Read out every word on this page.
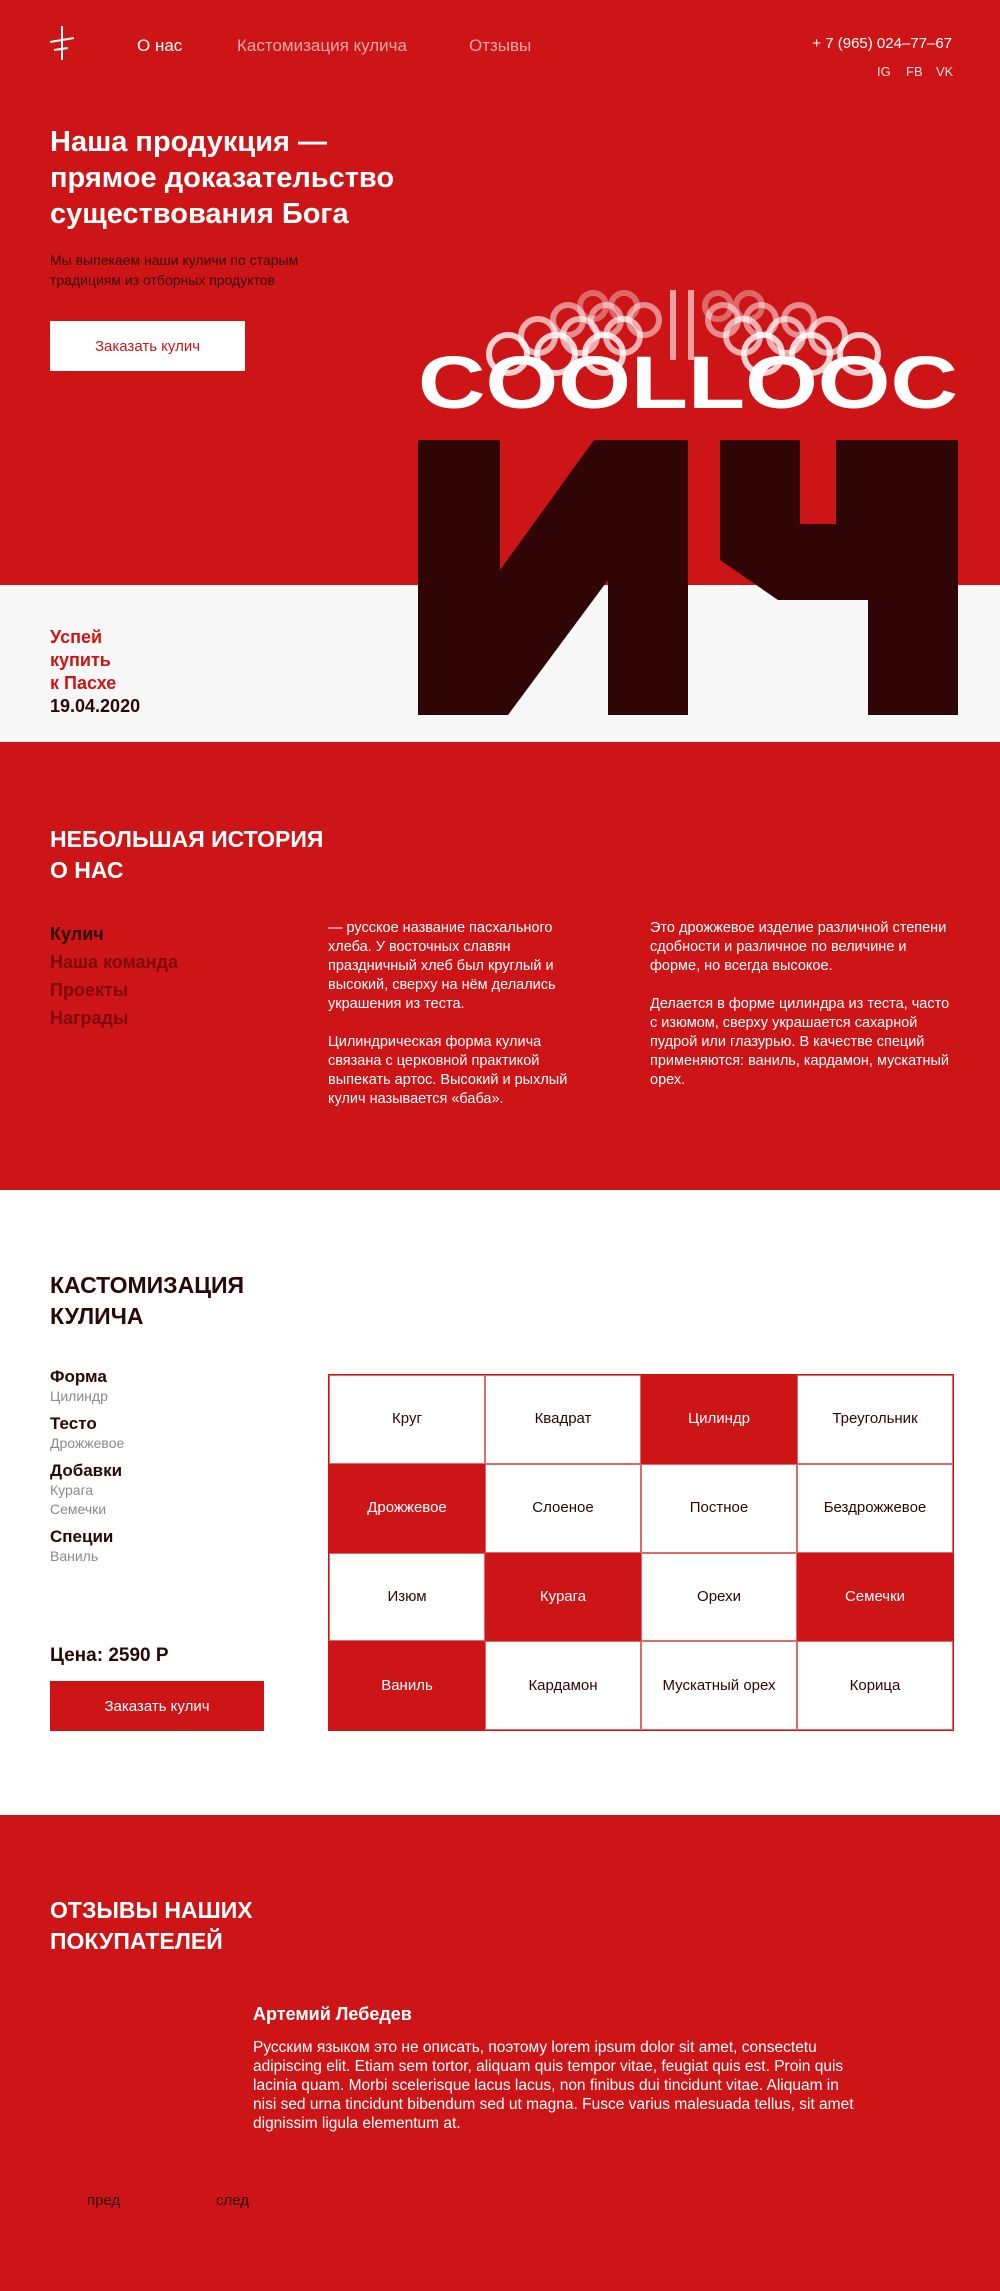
О нас	Кастомизация кулича	Отзывы	+ 7 (965) 024–77–67
IG FB VK
Наша продукция — прямое доказательство существования Бога

Мы выпекаем наши куличи по старым традициям из отборных продуктов

Заказать кулич
Успей
купить
к Пасхе
19.04.2020
COOLLOOC
НЕБОЛЬШАЯ ИСТОРИЯ
О НАС
Кулич
Наша команда
Проекты
Награды

— русское название пасхального хлеба. У восточных славян праздничный хлеб был круглый и высокий, сверху на нём делались украшения из теста.

Цилиндрическая форма кулича связана с церковной практикой выпекать артос. Высокий и рыхлый кулич называется «баба».

Это дрожжевое изделие различной степени сдобности и различное по величине и форме, но всегда высокое.

Делается в форме цилиндра из теста, часто с изюмом, сверху украшается сахарной пудрой или глазурью. В качестве специй применяются: ваниль, кардамон, мускатный орех.

КАСТОМИЗАЦИЯ
КУЛИЧА
Форма
Цилиндр
Тесто
Дрожжевое
Добавки
Курага
Семечки
Специи
Ваниль
Цена: 2590 Р
Заказать кулич
Круг	Квадрат	Цилиндр	Треугольник
Дрожжевое	Слоеное	Постное	Бездрожжевое
Изюм	Курага	Орехи	Семечки
Ваниль	Кардамон	Мускатный орех	Корица
ОТЗЫВЫ НАШИХ
ПОКУПАТЕЛЕЙ
Артемий Лебедев

Русским языком это не описать, поэтому lorem ipsum dolor sit amet, consectetu adipiscing elit. Etiam sem tortor, aliquam quis tempor vitae, feugiat quis est. Proin quis lacinia quam. Morbi scelerisque lacus lacus, non finibus dui tincidunt vitae. Aliquam in nisi sed urna tincidunt bibendum sed ut magna. Fusce varius malesuada tellus, sit amet dignissim ligula elementum at.

пред	след
